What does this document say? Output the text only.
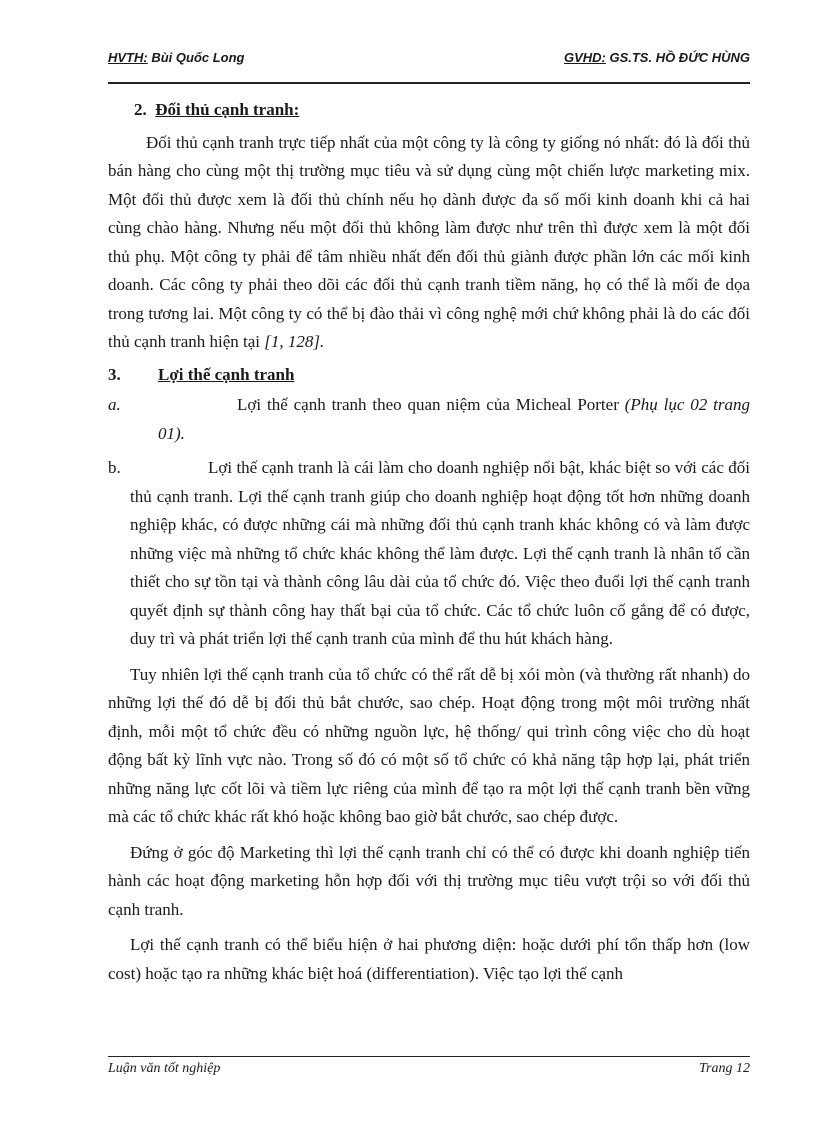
HVTH: Bùi Quốc Long	GVHD: GS.TS. HỒ ĐỨC HÙNG

2. Đối thủ cạnh tranh:

Đối thủ cạnh tranh trực tiếp nhất của một công ty là công ty giống nó nhất: đó là đối thủ bán hàng cho cùng một thị trường mục tiêu và sử dụng cùng một chiến lược marketing mix. Một đối thủ được xem là đối thủ chính nếu họ dành được đa số mối kinh doanh khi cả hai cùng chào hàng. Nhưng nếu một đối thủ không làm được như trên thì được xem là một đối thủ phụ. Một công ty phải để tâm nhiều nhất đến đối thủ giành được phần lớn các mối kinh doanh. Các công ty phải theo dõi các đối thủ cạnh tranh tiềm năng, họ có thể là mối đe dọa trong tương lai. Một công ty có thể bị đào thải vì công nghệ mới chứ không phải là do các đối thủ cạnh tranh hiện tại [1, 128].

3.	Lợi thế cạnh tranh

a.	Lợi thế cạnh tranh theo quan niệm của Micheal Porter (Phụ lục 02 trang 01).

b.	Lợi thế cạnh tranh là cái làm cho doanh nghiệp nổi bật, khác biệt so với các đối thủ cạnh tranh. Lợi thế cạnh tranh giúp cho doanh nghiệp hoạt động tốt hơn những doanh nghiệp khác, có được những cái mà những đối thủ cạnh tranh khác không có và làm được những việc mà những tổ chức khác không thể làm được. Lợi thế cạnh tranh là nhân tố cần thiết cho sự tồn tại và thành công lâu dài của tổ chức đó. Việc theo đuổi lợi thế cạnh tranh quyết định sự thành công hay thất bại của tổ chức. Các tổ chức luôn cố gắng để có được, duy trì và phát triển lợi thế cạnh tranh của mình để thu hút khách hàng.

Tuy nhiên lợi thế cạnh tranh của tổ chức có thể rất dễ bị xói mòn (và thường rất nhanh) do những lợi thế đó dễ bị đối thủ bắt chước, sao chép. Hoạt động trong một môi trường nhất định, mỗi một tổ chức đều có những nguồn lực, hệ thống/ qui trình công việc cho dù hoạt động bất kỳ lĩnh vực nào. Trong số đó có một số tổ chức có khả năng tập hợp lại, phát triển những năng lực cốt lõi và tiềm lực riêng của mình để tạo ra một lợi thế cạnh tranh bền vững mà các tổ chức khác rất khó hoặc không bao giờ bắt chước, sao chép được.

Đứng ở góc độ Marketing thì lợi thế cạnh tranh chỉ có thể có được khi doanh nghiệp tiến hành các hoạt động marketing hỗn hợp đối với thị trường mục tiêu vượt trội so với đối thủ cạnh tranh.

Lợi thế cạnh tranh có thể biểu hiện ở hai phương diện: hoặc dưới phí tổn thấp hơn (low cost) hoặc tạo ra những khác biệt hoá (differentiation). Việc tạo lợi thế cạnh

Luận văn tốt nghiệp	Trang 12
